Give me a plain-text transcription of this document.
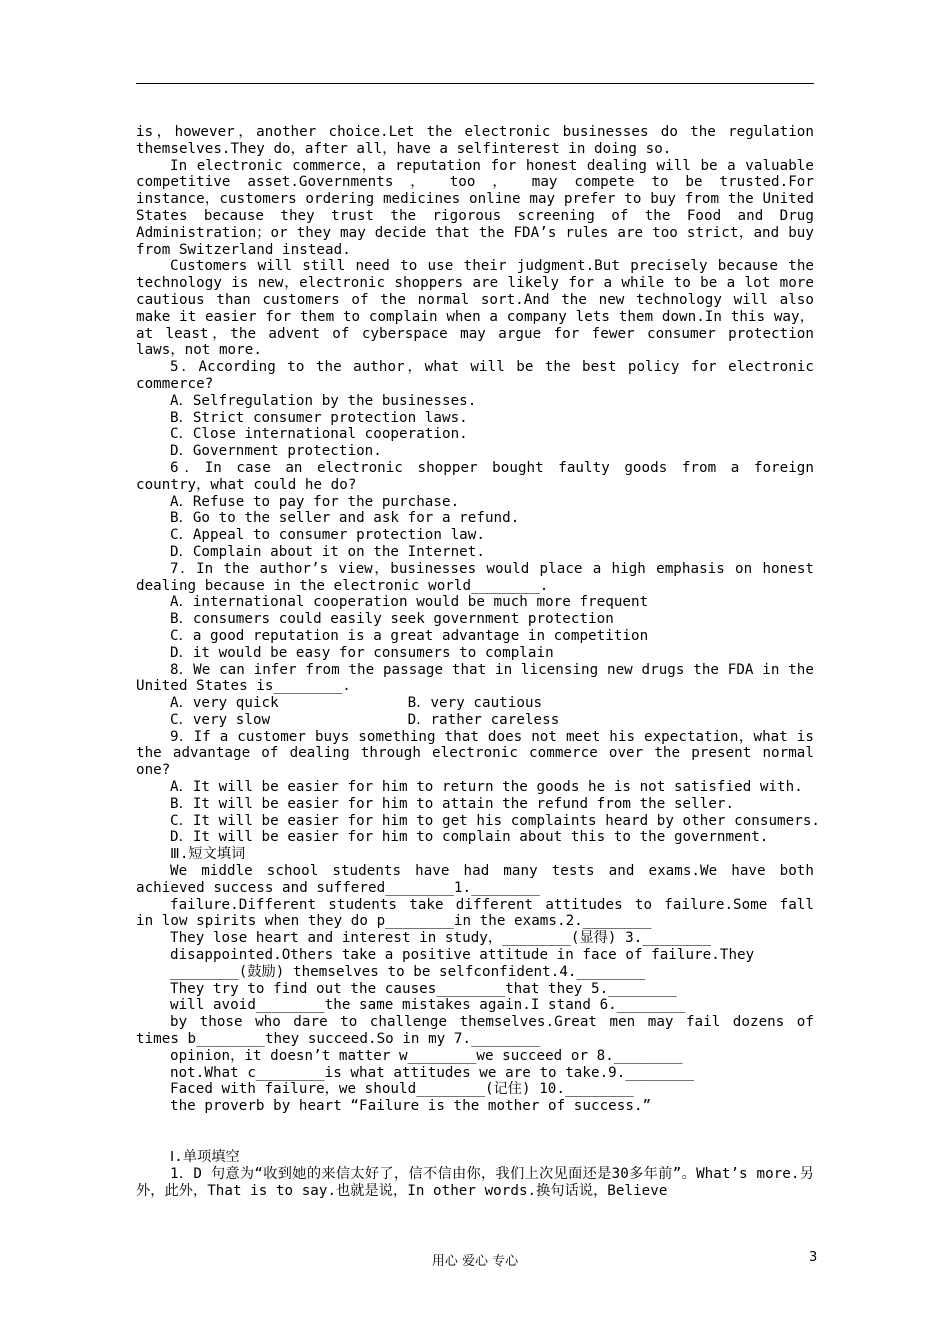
is，however，another choice.Let the electronic businesses do the regulation themselves.They do，after all，have a selfinterest in doing so.

In electronic commerce，a reputation for honest dealing will be a valuable competitive asset.Governments ， too ， may compete to be trusted.For instance，customers ordering medicines online may prefer to buy from the United States because they trust the rigorous screening of the Food and Drug Administration；or they may decide that the FDA’s rules are too strict，and buy from Switzerland instead.

Customers will still need to use their judgment.But precisely because the technology is new，electronic shoppers are likely for a while to be a lot more cautious than customers of the normal sort.And the new technology will also make it easier for them to complain when a company lets them down.In this way，at least，the advent of cyberspace may argue for fewer consumer protection laws，not more.

5．According to the author，what will be the best policy for electronic commerce?

A．Selfregulation by the businesses.

B．Strict consumer protection laws.

C．Close international cooperation.

D．Government protection.

6．In case an electronic shopper bought faulty goods from a foreign country，what could he do?

A．Refuse to pay for the purchase.

B．Go to the seller and ask for a refund.

C．Appeal to consumer protection law.

D．Complain about it on the Internet.

7．In the author’s view，businesses would place a high emphasis on honest dealing because in the electronic world________.

A．international cooperation would be much more frequent

B．consumers could easily seek government protection

C．a good reputation is a great advantage in competition

D．it would be easy for consumers to complain

8．We can infer from the passage that in licensing new drugs the FDA in the United States is________.

A．very quick               B．very cautious

C．very slow                D．rather careless

9．If a customer buys something that does not meet his expectation，what is the advantage of dealing through electronic commerce over the present normal one?

A．It will be easier for him to return the goods he is not satisfied with.

B．It will be easier for him to attain the refund from the seller.

C．It will be easier for him to get his complaints heard by other consumers.

D．It will be easier for him to complain about this to the government.

Ⅲ.短文填词

We middle school students have had many tests and exams.We have both achieved success and suffered________1.________

failure.Different students take different attitudes to failure.Some fall in low spirits when they do p________in the exams.2.________

They lose heart and interest in study，________(显得) 3.________

disappointed.Others take a positive attitude in face of failure.They

________(鼓励) themselves to be selfconfident.4.________

They try to find out the causes________that they 5.________

will avoid________the same mistakes again.I stand 6.________

by those who dare to challenge themselves.Great men may fail dozens of times b________they succeed.So in my 7.________

opinion，it doesn’t matter w________we succeed or 8.________

not.What c________is what attitudes we are to take.9.________

Faced with failure，we should________(记住) 10.________

the proverb by heart “Failure is the mother of success.”

Ⅰ.单项填空

1．D 句意为“收到她的来信太好了，信不信由你，我们上次见面还是30多年前”。What’s more.另外，此外，That is to say.也就是说，In other words.换句话说，Believe

用心 爱心 专心	3
